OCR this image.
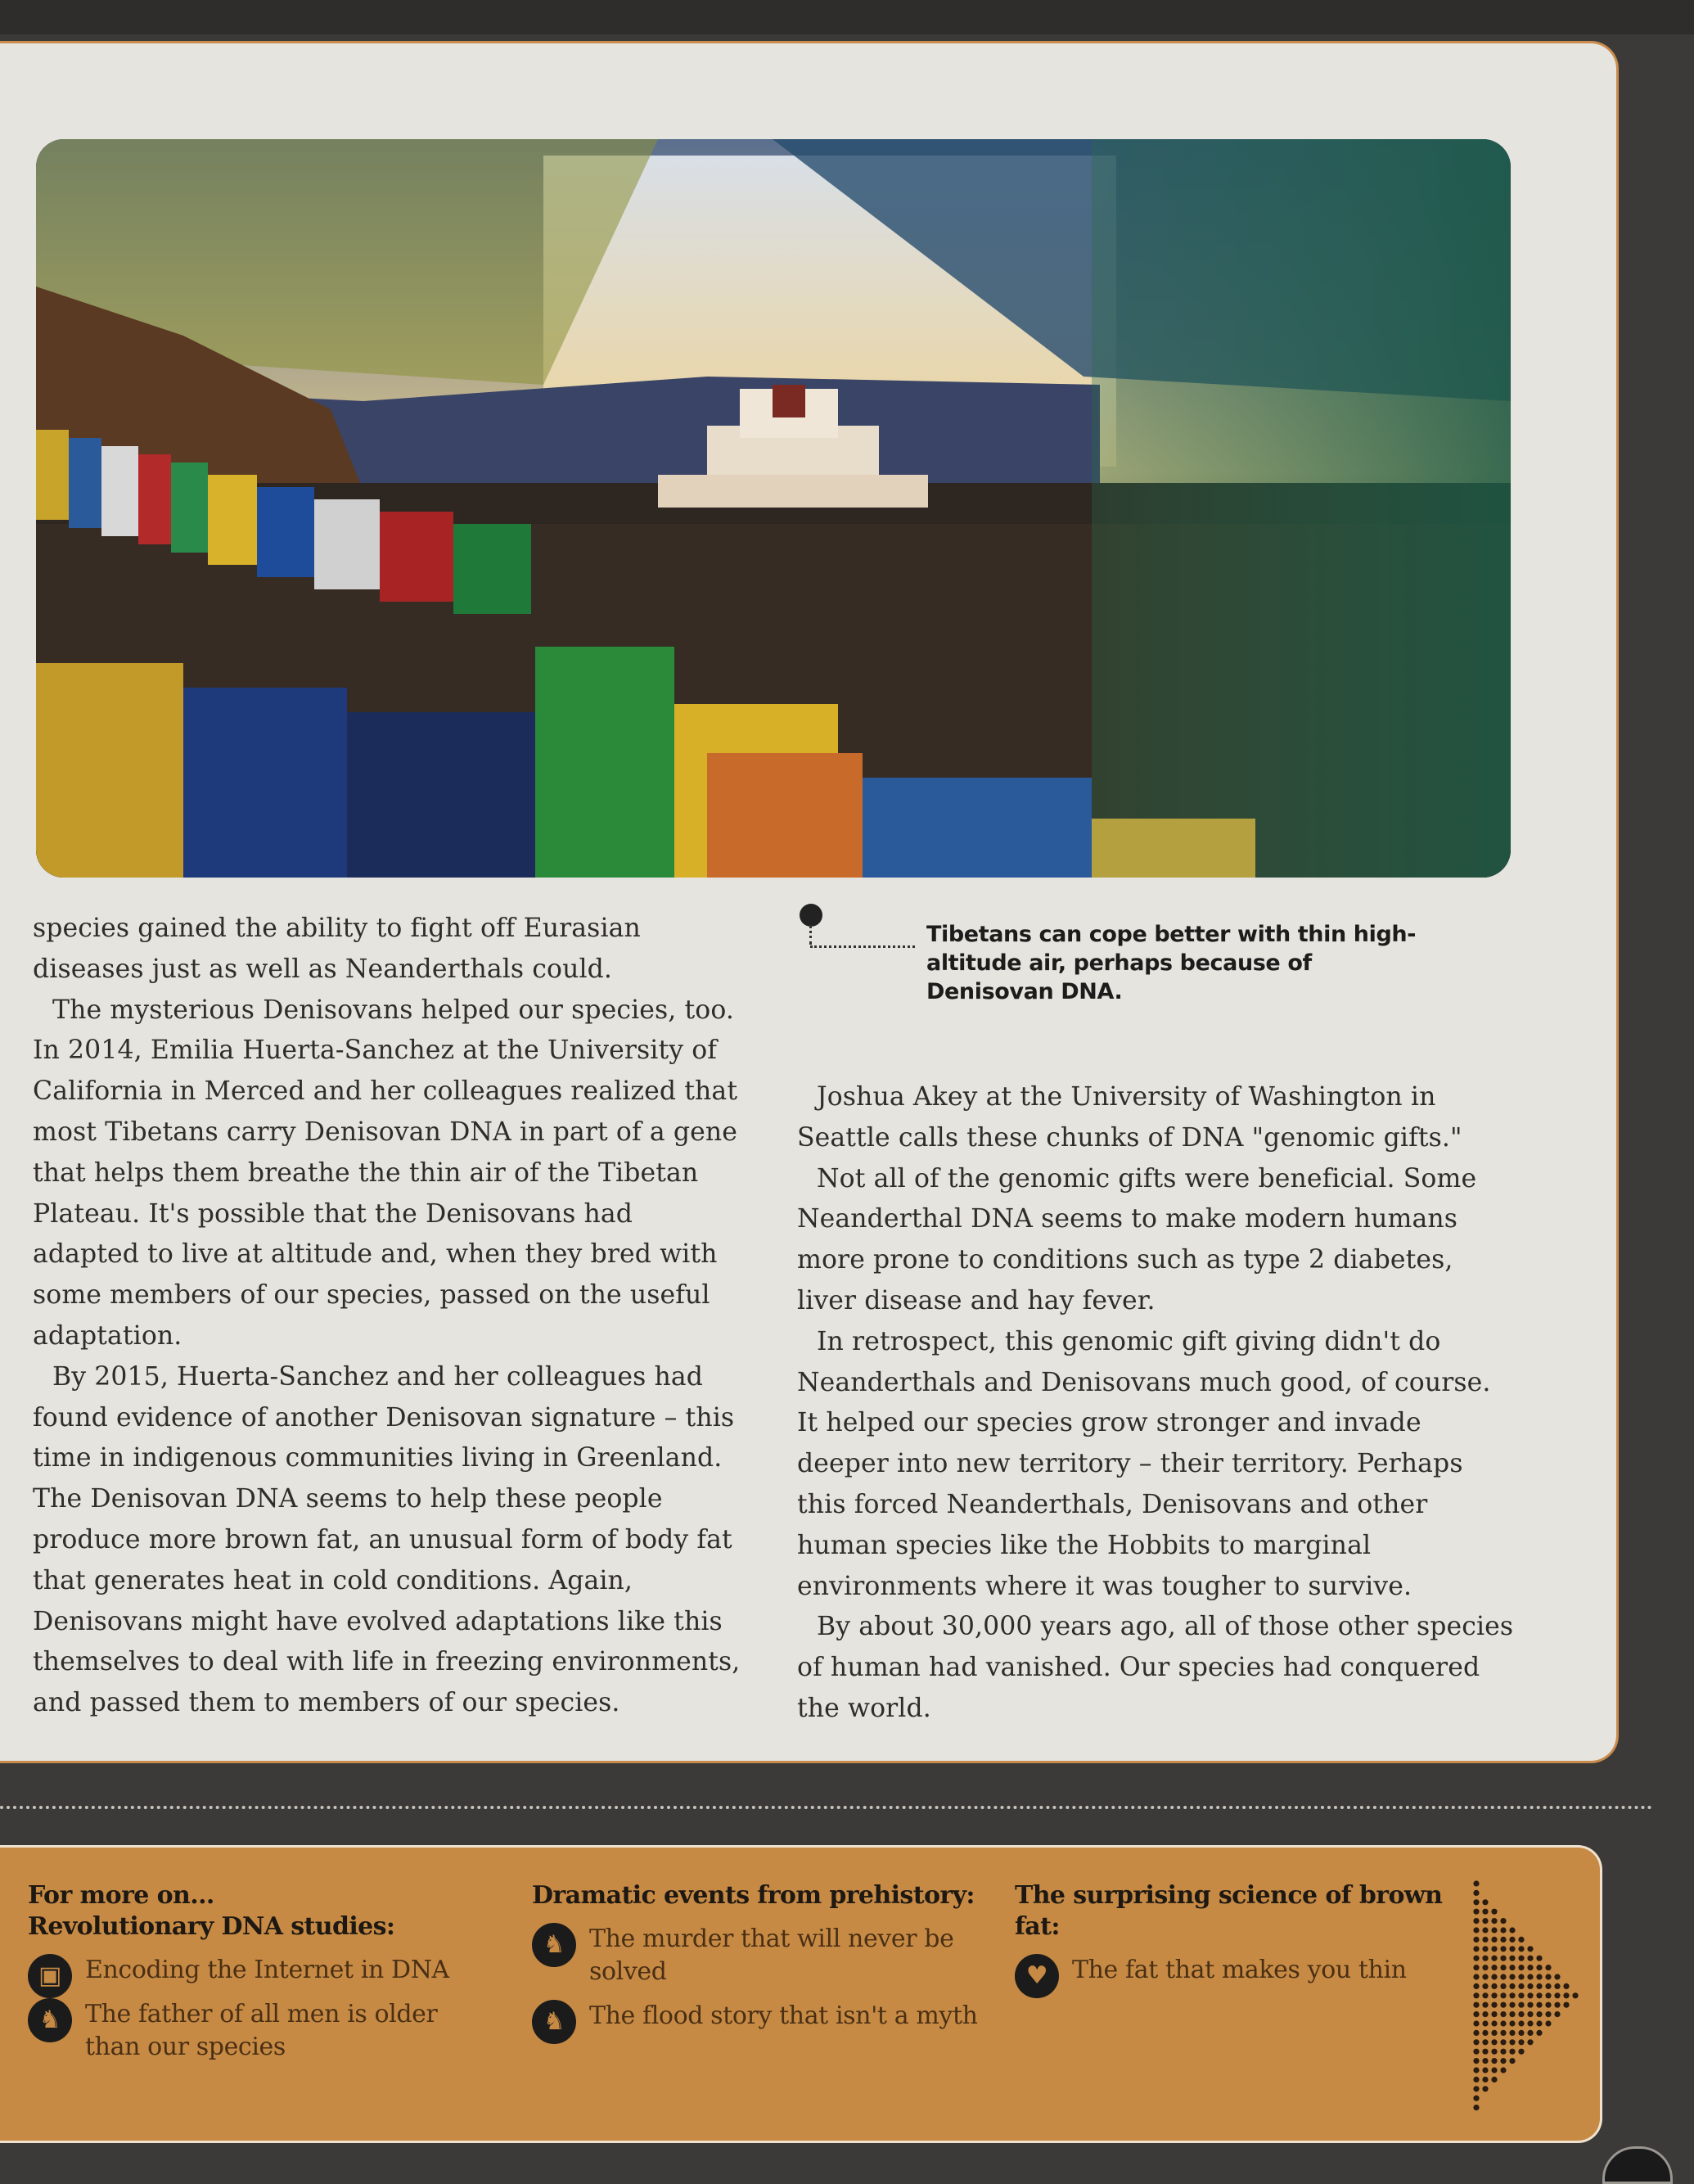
species gained the ability to fight off Eurasian diseases just as well as Neanderthals could.

The mysterious Denisovans helped our species, too. In 2014, Emilia Huerta-Sanchez at the University of California in Merced and her colleagues realized that most Tibetans carry Denisovan DNA in part of a gene that helps them breathe the thin air of the Tibetan Plateau. It's possible that the Denisovans had adapted to live at altitude and, when they bred with some members of our species, passed on the useful adaptation.

By 2015, Huerta-Sanchez and her colleagues had found evidence of another Denisovan signature – this time in indigenous communities living in Greenland. The Denisovan DNA seems to help these people produce more brown fat, an unusual form of body fat that generates heat in cold conditions. Again, Denisovans might have evolved adaptations like this themselves to deal with life in freezing environments, and passed them to members of our species.

Tibetans can cope better with thin high-altitude air, perhaps because of Denisovan DNA.

Joshua Akey at the University of Washington in Seattle calls these chunks of DNA "genomic gifts."

Not all of the genomic gifts were beneficial. Some Neanderthal DNA seems to make modern humans more prone to conditions such as type 2 diabetes, liver disease and hay fever.

In retrospect, this genomic gift giving didn't do Neanderthals and Denisovans much good, of course. It helped our species grow stronger and invade deeper into new territory – their territory. Perhaps this forced Neanderthals, Denisovans and other human species like the Hobbits to marginal environments where it was tougher to survive.

By about 30,000 years ago, all of those other species of human had vanished. Our species had conquered the world.

For more on...
Revolutionary DNA studies:
▣ Encoding the Internet in DNA
♞ The father of all men is older than our species
Dramatic events from prehistory:
♞ The murder that will never be solved
♞ The flood story that isn't a myth
The surprising science of brown fat:
♥ The fat that makes you thin
